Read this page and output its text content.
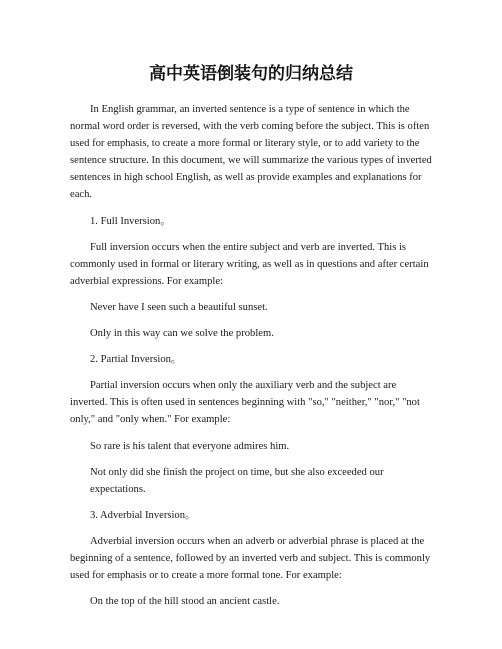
高中英语倒装句的归纳总结

In English grammar, an inverted sentence is a type of sentence in which the normal word order is reversed, with the verb coming before the subject. This is often used for emphasis, to create a more formal or literary style, or to add variety to the sentence structure. In this document, we will summarize the various types of inverted sentences in high school English, as well as provide examples and explanations for each.

1. Full Inversion。

Full inversion occurs when the entire subject and verb are inverted. This is commonly used in formal or literary writing, as well as in questions and after certain adverbial expressions. For example:

Never have I seen such a beautiful sunset.

Only in this way can we solve the problem.

2. Partial Inversion。

Partial inversion occurs when only the auxiliary verb and the subject are inverted. This is often used in sentences beginning with "so," "neither," "nor," "not only," and "only when." For example:

So rare is his talent that everyone admires him.

Not only did she finish the project on time, but she also exceeded our expectations.

3. Adverbial Inversion。

Adverbial inversion occurs when an adverb or adverbial phrase is placed at the beginning of a sentence, followed by an inverted verb and subject. This is commonly used for emphasis or to create a more formal tone. For example:

On the top of the hill stood an ancient castle.
